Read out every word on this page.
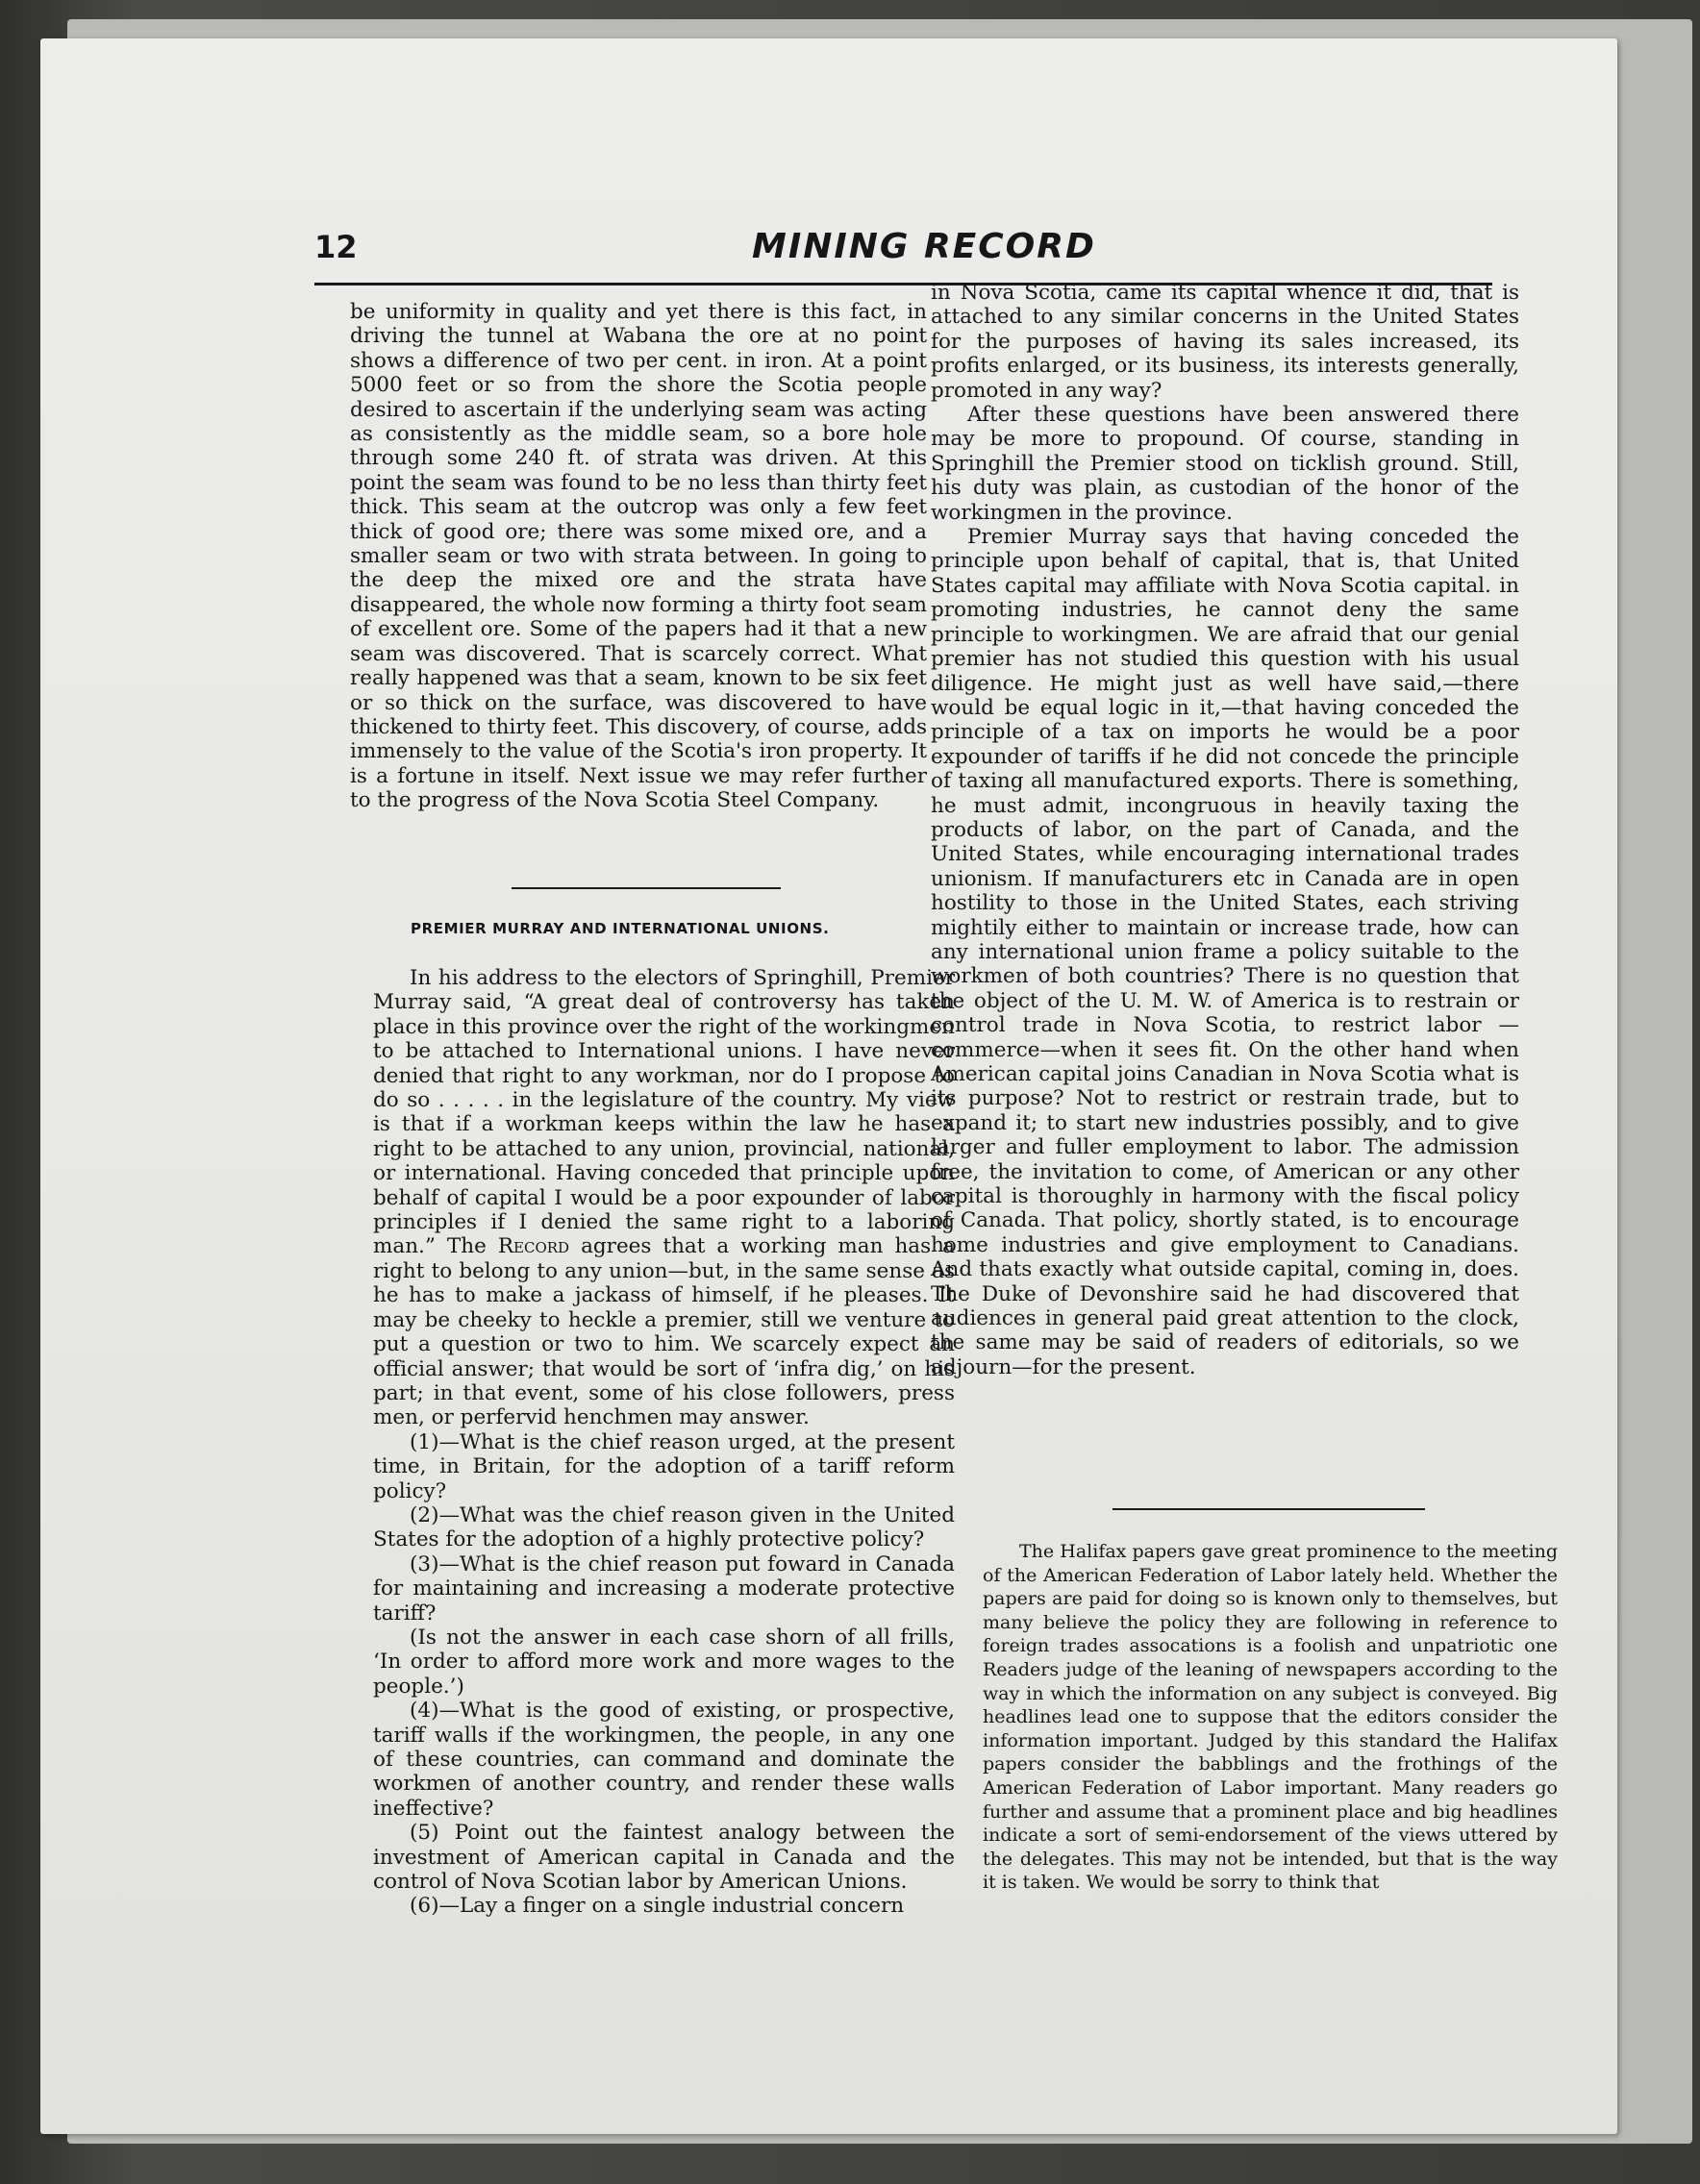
12	MINING RECORD

be uniformity in quality and yet there is this fact, in driving the tunnel at Wabana the ore at no point shows a difference of two per cent. in iron. At a point 5000 feet or so from the shore the Scotia people desired to ascertain if the underlying seam was acting as consistently as the middle seam, so a bore hole through some 240 ft. of strata was driven. At this point the seam was found to be no less than thirty feet thick. This seam at the outcrop was only a few feet thick of good ore; there was some mixed ore, and a smaller seam or two with strata between. In going to the deep the mixed ore and the strata have disappeared, the whole now forming a thirty foot seam of excellent ore. Some of the papers had it that a new seam was discovered. That is scarcely correct. What really happened was that a seam, known to be six feet or so thick on the surface, was discovered to have thickened to thirty feet. This discovery, of course, adds immensely to the value of the Scotia's iron property. It is a fortune in itself. Next issue we may refer further to the progress of the Nova Scotia Steel Company.

PREMIER MURRAY AND INTERNATIONAL UNIONS.

In his address to the electors of Springhill, Premier Murray said, “A great deal of controversy has taken place in this province over the right of the workingmen to be attached to International unions. I have never denied that right to any workman, nor do I propose to do so . . . . . in the legislature of the country. My view is that if a workman keeps within the law he has a right to be attached to any union, provincial, national, or international. Having conceded that principle upon behalf of capital I would be a poor expounder of labor principles if I denied the same right to a laboring man.” The Record agrees that a working man has a right to belong to any union—but, in the same sense as he has to make a jackass of himself, if he pleases. It may be cheeky to heckle a premier, still we venture to put a question or two to him. We scarcely expect an official answer; that would be sort of ‘infra dig,’ on his part; in that event, some of his close followers, press men, or perfervid henchmen may answer.

(1)—What is the chief reason urged, at the present time, in Britain, for the adoption of a tariff reform policy?

(2)—What was the chief reason given in the United States for the adoption of a highly protective policy?

(3)—What is the chief reason put foward in Canada for maintaining and increasing a moderate protective tariff?

(Is not the answer in each case shorn of all frills, ‘In order to afford more work and more wages to the people.’)

(4)—What is the good of existing, or prospective, tariff walls if the workingmen, the people, in any one of these countries, can command and dominate the workmen of another country, and render these walls ineffective?

(5) Point out the faintest analogy between the investment of American capital in Canada and the control of Nova Scotian labor by American Unions.

(6)—Lay a finger on a single industrial concern

in Nova Scotia, came its capital whence it did, that is attached to any similar concerns in the United States for the purposes of having its sales increased, its profits enlarged, or its business, its interests generally, promoted in any way?

After these questions have been answered there may be more to propound. Of course, standing in Springhill the Premier stood on ticklish ground. Still, his duty was plain, as custodian of the honor of the workingmen in the province.

Premier Murray says that having conceded the principle upon behalf of capital, that is, that United States capital may affiliate with Nova Scotia capital. in promoting industries, he cannot deny the same principle to workingmen. We are afraid that our genial premier has not studied this question with his usual diligence. He might just as well have said,—there would be equal logic in it,—that having conceded the principle of a tax on imports he would be a poor expounder of tariffs if he did not concede the principle of taxing all manufactured exports. There is something, he must admit, incongruous in heavily taxing the products of labor, on the part of Canada, and the United States, while encouraging international trades unionism. If manufacturers etc in Canada are in open hostility to those in the United States, each striving mightily either to maintain or increase trade, how can any international union frame a policy suitable to the workmen of both countries? There is no question that the object of the U. M. W. of America is to restrain or control trade in Nova Scotia, to restrict labor —commerce—when it sees fit. On the other hand when American capital joins Canadian in Nova Scotia what is its purpose? Not to restrict or restrain trade, but to expand it; to start new industries possibly, and to give larger and fuller employment to labor. The admission free, the invitation to come, of American or any other capital is thoroughly in harmony with the fiscal policy of Canada. That policy, shortly stated, is to encourage home industries and give employment to Canadians. And thats exactly what outside capital, coming in, does. The Duke of Devonshire said he had discovered that audiences in general paid great attention to the clock, the same may be said of readers of editorials, so we adjourn—for the present.

The Halifax papers gave great prominence to the meeting of the American Federation of Labor lately held. Whether the papers are paid for doing so is known only to themselves, but many believe the policy they are following in reference to foreign trades assocations is a foolish and unpatriotic one Readers judge of the leaning of newspapers according to the way in which the information on any subject is conveyed. Big headlines lead one to suppose that the editors consider the information important. Judged by this standard the Halifax papers consider the babblings and the frothings of the American Federation of Labor important. Many readers go further and assume that a prominent place and big headlines indicate a sort of semi-endorsement of the views uttered by the delegates. This may not be intended, but that is the way it is taken. We would be sorry to think that
